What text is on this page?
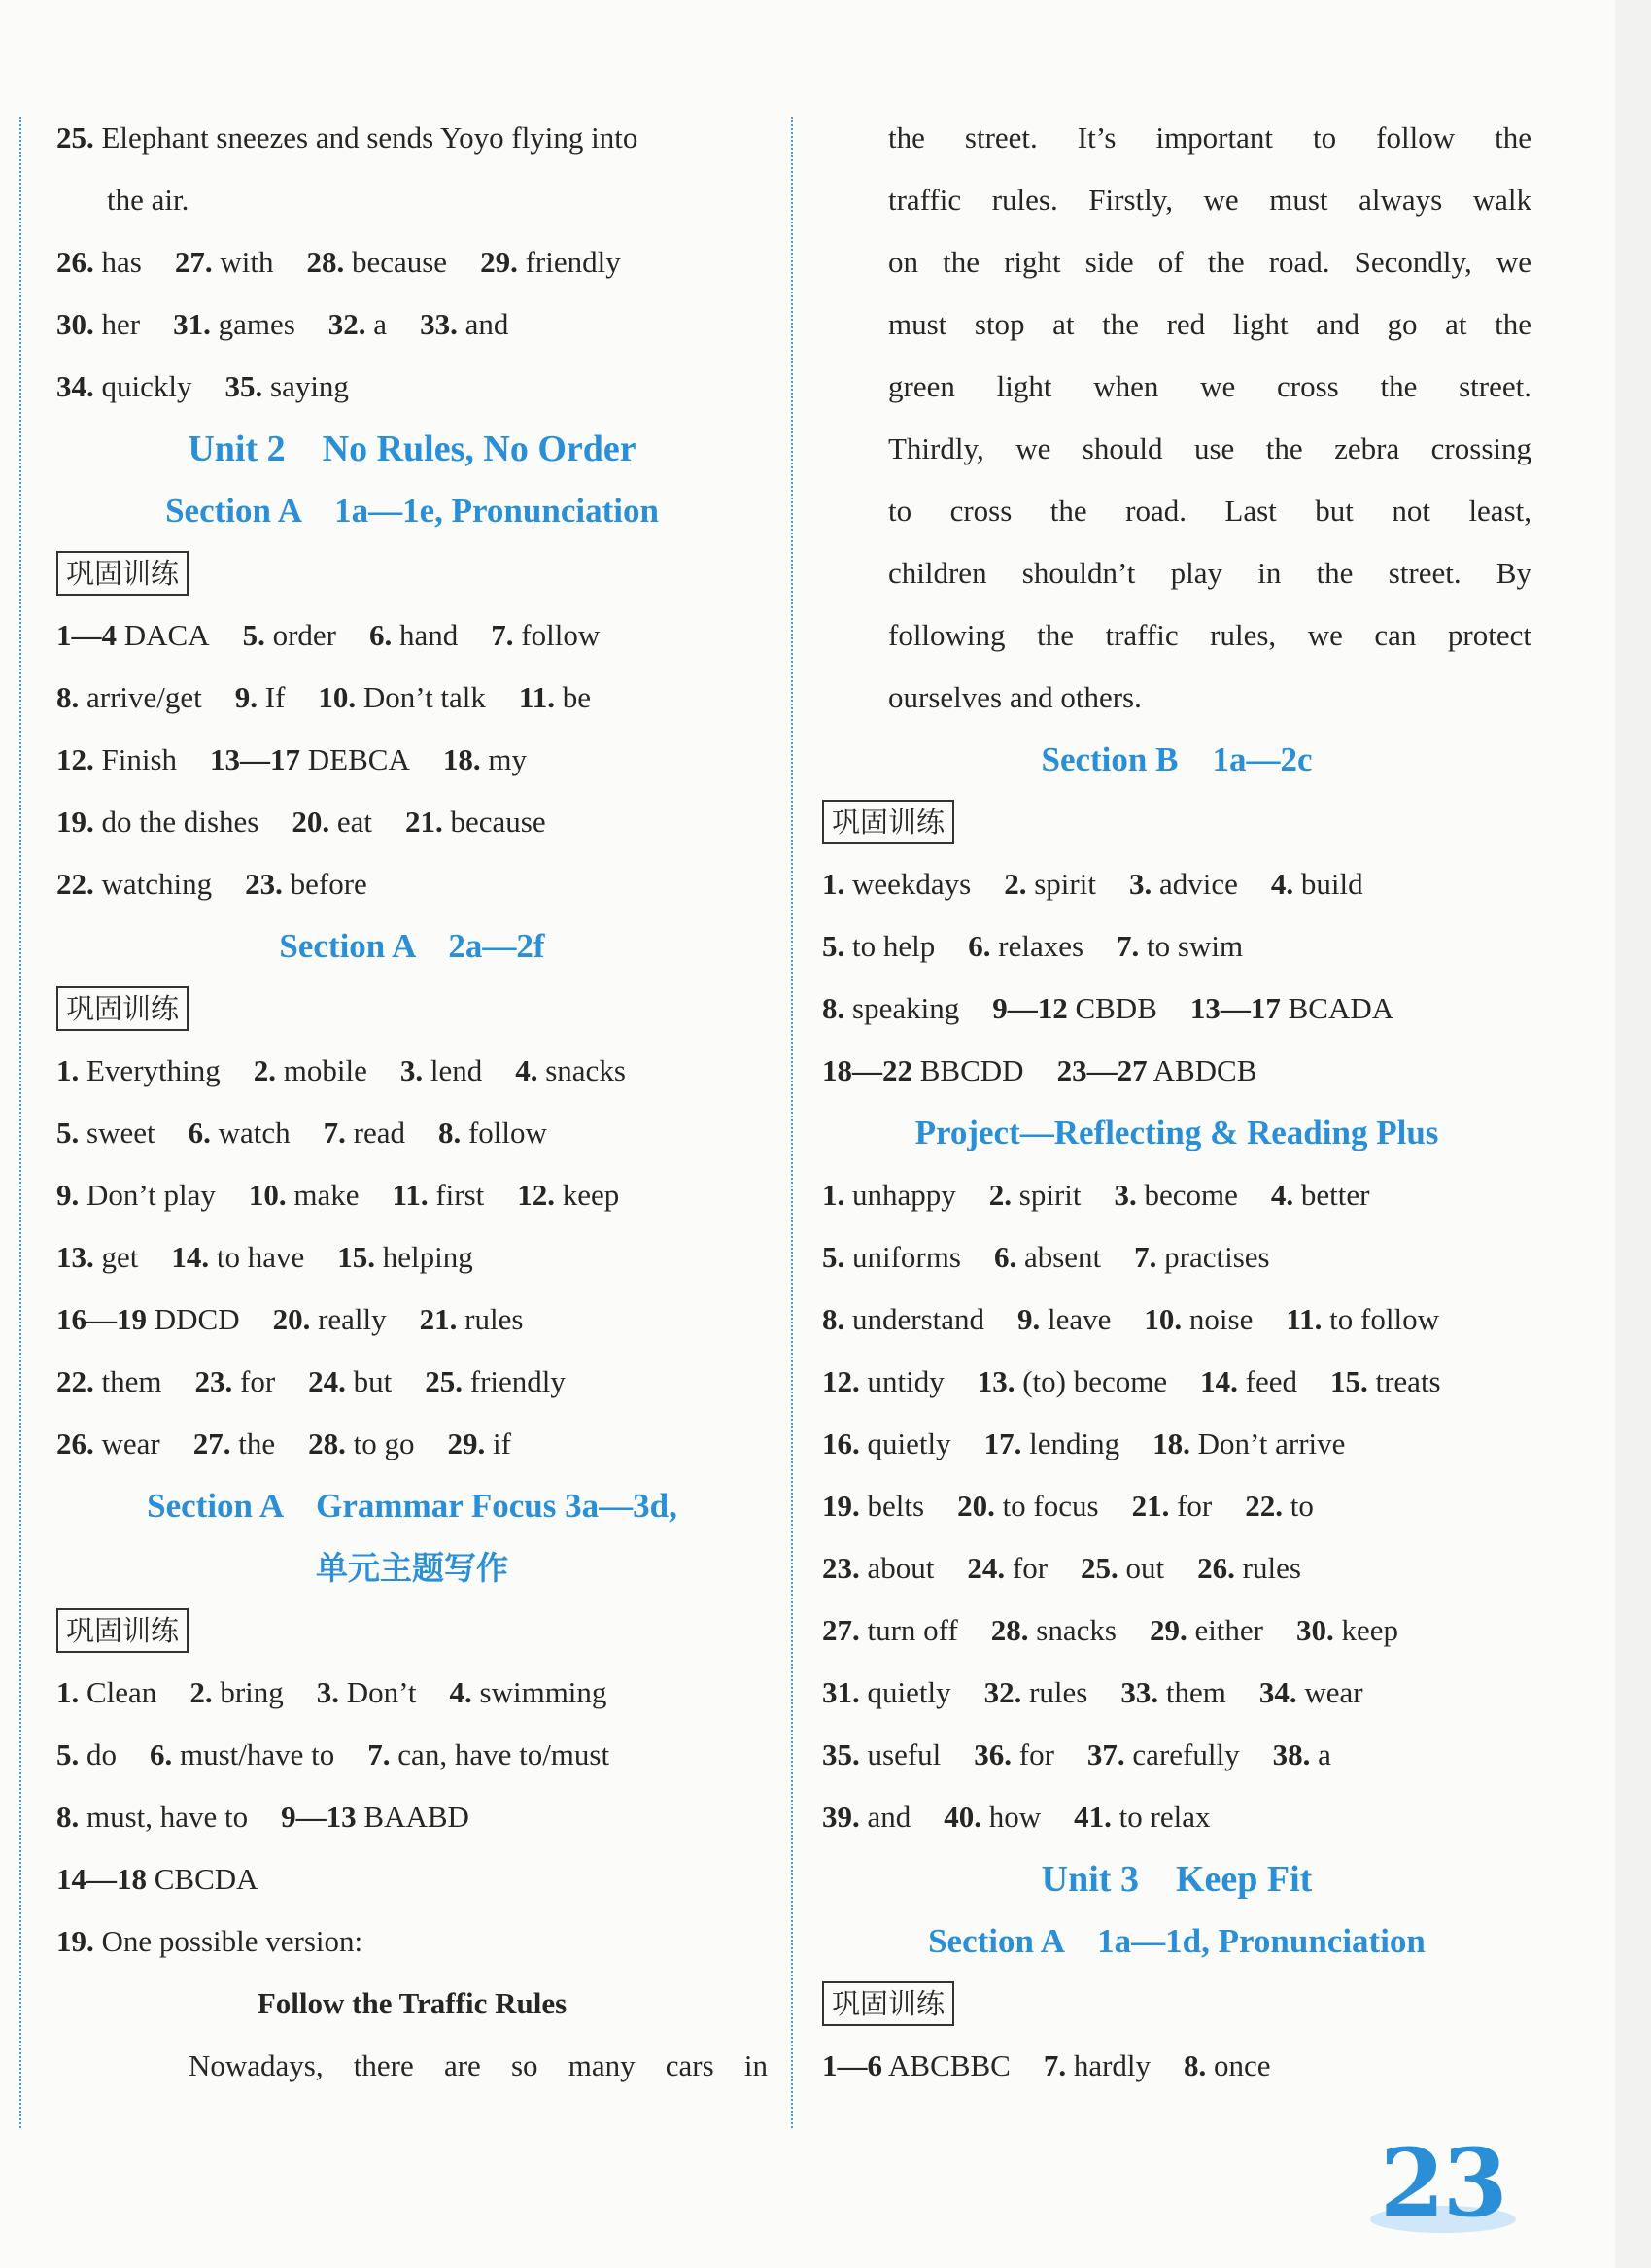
25. Elephant sneezes and sends Yoyo flying into
the air.
26. has 27. with 28. because 29. friendly
30. her 31. games 32. a 33. and
34. quickly 35. saying
Unit 2    No Rules, No Order
Section A    1a—1e, Pronunciation
巩固训练
1—4 DACA 5. order 6. hand 7. follow
8. arrive/get 9. If 10. Don’t talk 11. be
12. Finish 13—17 DEBCA 18. my
19. do the dishes 20. eat 21. because
22. watching 23. before
Section A    2a—2f
巩固训练
1. Everything 2. mobile 3. lend 4. snacks
5. sweet 6. watch 7. read 8. follow
9. Don’t play 10. make 11. first 12. keep
13. get 14. to have 15. helping
16—19 DDCD 20. really 21. rules
22. them 23. for 24. but 25. friendly
26. wear 27. the 28. to go 29. if
Section A    Grammar Focus 3a—3d,
单元主题写作
巩固训练
1. Clean 2. bring 3. Don’t 4. swimming
5. do 6. must/have to 7. can, have to/must
8. must, have to 9—13 BAABD
14—18 CBCDA
19. One possible version:
Follow the Traffic Rules
Nowadays, there are so many cars in
the street. It’s important to follow the
traffic rules. Firstly, we must always walk
on the right side of the road. Secondly, we
must stop at the red light and go at the
green light when we cross the street.
Thirdly, we should use the zebra crossing
to cross the road. Last but not least,
children shouldn’t play in the street. By
following the traffic rules, we can protect
ourselves and others.
Section B    1a—2c
巩固训练
1. weekdays 2. spirit 3. advice 4. build
5. to help 6. relaxes 7. to swim
8. speaking 9—12 CBDB 13—17 BCADA
18—22 BBCDD 23—27 ABDCB
Project—Reflecting & Reading Plus
1. unhappy 2. spirit 3. become 4. better
5. uniforms 6. absent 7. practises
8. understand 9. leave 10. noise 11. to follow
12. untidy 13. (to) become 14. feed 15. treats
16. quietly 17. lending 18. Don’t arrive
19. belts 20. to focus 21. for 22. to
23. about 24. for 25. out 26. rules
27. turn off 28. snacks 29. either 30. keep
31. quietly 32. rules 33. them 34. wear
35. useful 36. for 37. carefully 38. a
39. and 40. how 41. to relax
Unit 3    Keep Fit
Section A    1a—1d, Pronunciation
巩固训练
1—6 ABCBBC 7. hardly 8. once
23
